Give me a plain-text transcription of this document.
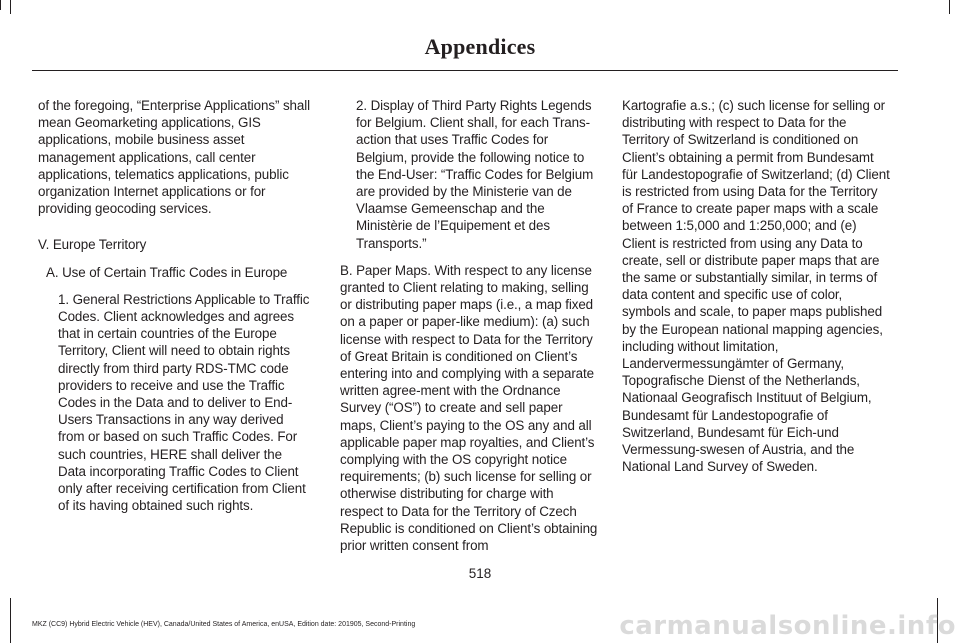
Appendices

of the foregoing, “Enterprise Applications” shall mean Geomarketing applications, GIS applications, mobile business asset management applications, call center applications, telematics applications, public organization Internet applications or for providing geocoding services.

V. Europe Territory

A. Use of Certain Traffic Codes in Europe

1. General Restrictions Applicable to Traffic Codes. Client acknowledges and agrees that in certain countries of the Europe Territory, Client will need to obtain rights directly from third party RDS-TMC code providers to receive and use the Traffic Codes in the Data and to deliver to End-Users Transactions in any way derived from or based on such Traffic Codes. For such countries, HERE shall deliver the Data incorporating Traffic Codes to Client only after receiving certification from Client of its having obtained such rights.

2. Display of Third Party Rights Legends for Belgium. Client shall, for each Trans-action that uses Traffic Codes for Belgium, provide the following notice to the End-User: “Traffic Codes for Belgium are provided by the Ministerie van de Vlaamse Gemeenschap and the Ministèrie de l’Equipement et des Transports.”

B. Paper Maps. With respect to any license granted to Client relating to making, selling or distributing paper maps (i.e., a map fixed on a paper or paper-like medium): (a) such license with respect to Data for the Territory of Great Britain is conditioned on Client’s entering into and complying with a separate written agree-ment with the Ordnance Survey (“OS”) to create and sell paper maps, Client’s paying to the OS any and all applicable paper map royalties, and Client’s complying with the OS copyright notice requirements; (b) such license for selling or otherwise distributing for charge with respect to Data for the Territory of Czech Republic is conditioned on Client’s obtaining prior written consent from

Kartografie a.s.; (c) such license for selling or distributing with respect to Data for the Territory of Switzerland is conditioned on Client’s obtaining a permit from Bundesamt für Landestopografie of Switzerland; (d) Client is restricted from using Data for the Territory of France to create paper maps with a scale between 1:5,000 and 1:250,000; and (e) Client is restricted from using any Data to create, sell or distribute paper maps that are the same or substantially similar, in terms of data content and specific use of color, symbols and scale, to paper maps published by the European national mapping agencies, including without limitation, Landervermessungämter of Germany, Topografische Dienst of the Netherlands, Nationaal Geografisch Instituut of Belgium, Bundesamt für Landestopografie of Switzerland, Bundesamt für Eich-und Vermessung-swesen of Austria, and the National Land Survey of Sweden.

518
MKZ (CC9) Hybrid Electric Vehicle (HEV), Canada/United States of America, enUSA, Edition date: 201905, Second-Printing	carmanualsonline.info
